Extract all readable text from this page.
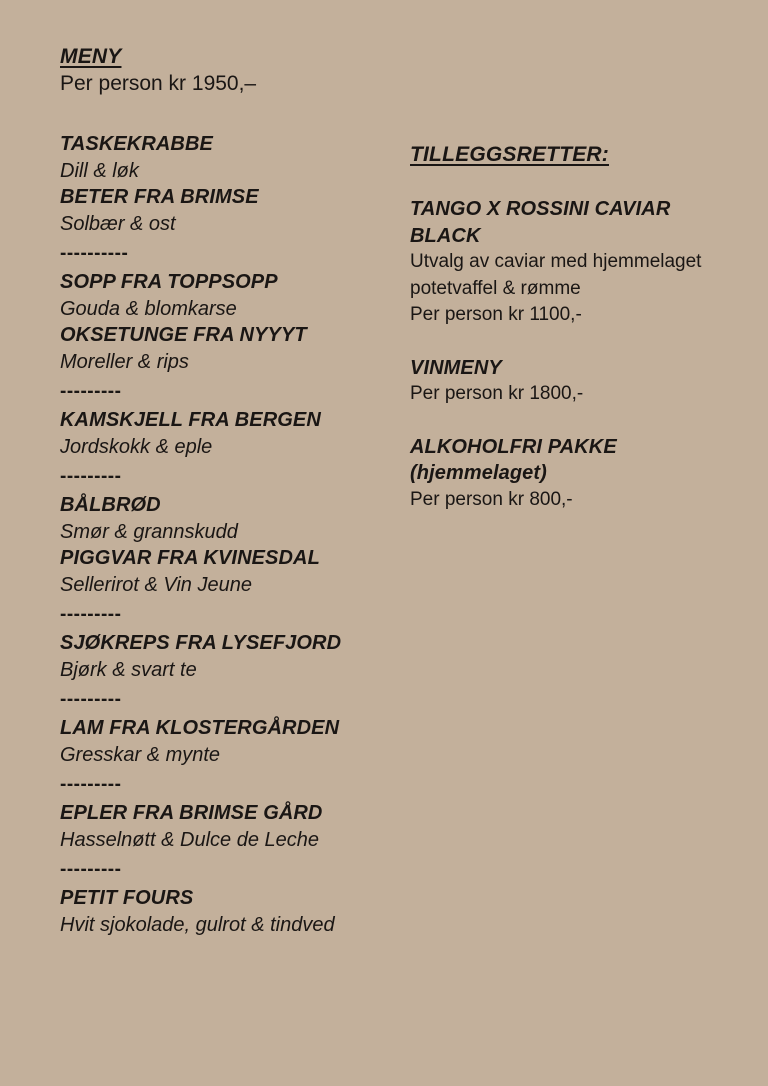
MENY

Per person kr 1950,–

TASKEKRABBE

Dill & løk

BETER FRA BRIMSE

Solbær & ost

----------

SOPP FRA TOPPSOPP

Gouda & blomkarse

OKSETUNGE FRA NYYYT

Moreller & rips

---------

KAMSKJELL FRA BERGEN

Jordskokk & eple

---------

BÅLBRØD

Smør & grannskudd

PIGGVAR FRA KVINESDAL

Sellerirot & Vin Jeune

---------

SJØKREPS FRA LYSEFJORD

Bjørk & svart te

---------

LAM FRA KLOSTERGÅRDEN

Gresskar & mynte

---------

EPLER FRA BRIMSE GÅRD

Hasselnøtt & Dulce de Leche

---------

PETIT FOURS

Hvit sjokolade, gulrot & tindved

TILLEGGSRETTER:

TANGO X ROSSINI CAVIAR

BLACK

Utvalg av caviar med hjemmelaget

potetvaffel & rømme

Per person kr 1100,-

VINMENY

Per person kr 1800,-

ALKOHOLFRI PAKKE

(hjemmelaget)

Per person kr 800,-
